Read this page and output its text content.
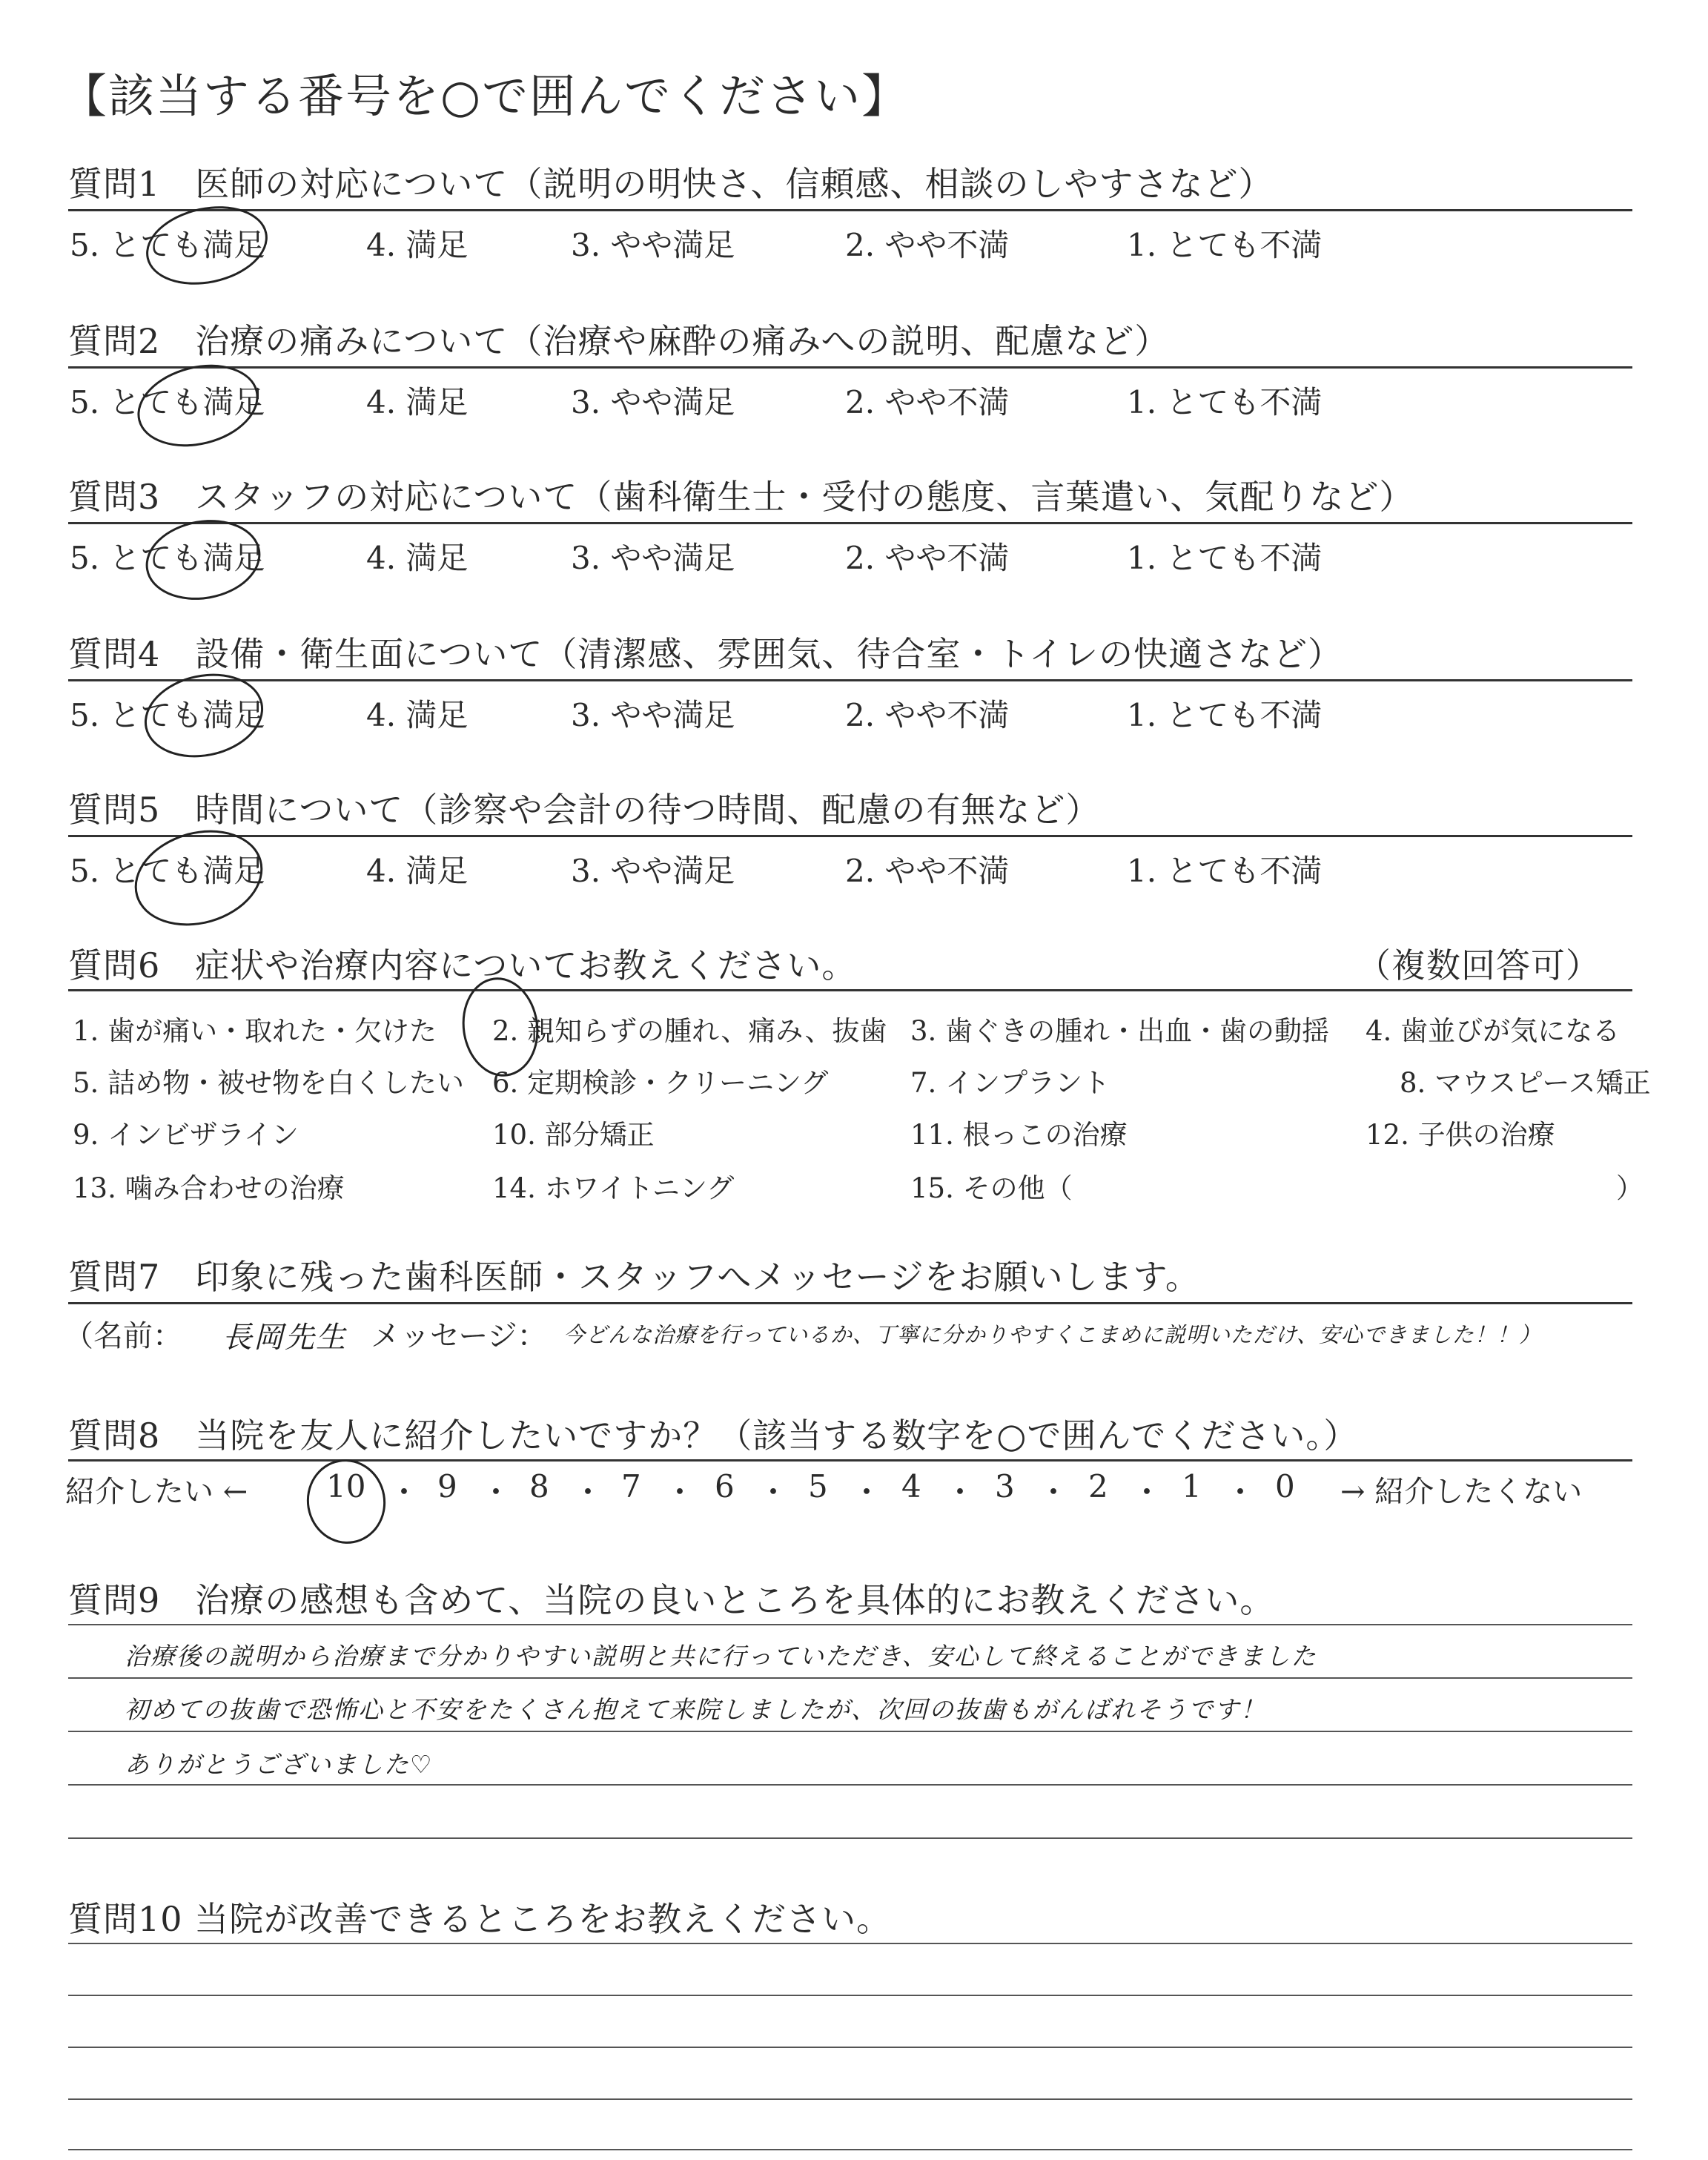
【該当する番号を○で囲んでください】
質問1　医師の対応について（説明の明快さ、信頼感、相談のしやすさなど）
5. とても満足	4. 満足	3. やや満足	2. やや不満	1. とても不満
質問2　治療の痛みについて（治療や麻酔の痛みへの説明、配慮など）
5. とても満足	4. 満足	3. やや満足	2. やや不満	1. とても不満
質問3　スタッフの対応について（歯科衛生士・受付の態度、言葉遣い、気配りなど）
5. とても満足	4. 満足	3. やや満足	2. やや不満	1. とても不満
質問4　設備・衛生面について（清潔感、雰囲気、待合室・トイレの快適さなど）
5. とても満足	4. 満足	3. やや満足	2. やや不満	1. とても不満
質問5　時間について（診察や会計の待つ時間、配慮の有無など）
5. とても満足	4. 満足	3. やや満足	2. やや不満	1. とても不満
質問6　症状や治療内容についてお教えください。	（複数回答可）
1. 歯が痛い・取れた・欠けた 2. 親知らずの腫れ、痛み、抜歯 3. 歯ぐきの腫れ・出血・歯の動揺 4. 歯並びが気になる
5. 詰め物・被せ物を白くしたい 6. 定期検診・クリーニング	7. インプラント	8. マウスピース矯正
9. インビザライン	10. 部分矯正	11. 根っこの治療	12. 子供の治療
13. 噛み合わせの治療	14. ホワイトニング	15. その他（	）
質問7　印象に残った歯科医師・スタッフへメッセージをお願いします。
（名前： 長岡先生 メッセージ： 今どんな治療を行っているか、丁寧に分かりやすくこまめに説明いただけ、安心できました！！）
質問8　当院を友人に紹介したいですか？（該当する数字を○で囲んでください。）
紹介したい ←	10 ・ 9 ・ 8 ・ 7 ・ 6 ・ 5 ・ 4 ・ 3 ・ 2 ・ 1 ・ 0 → 紹介したくない
質問9　治療の感想も含めて、当院の良いところを具体的にお教えください。
治療後の説明から治療まで分かりやすい説明と共に行っていただき、安心して終えることができました
初めての抜歯で恐怖心と不安をたくさん抱えて来院しましたが、次回の抜歯もがんばれそうです！
ありがとうございました♡
質問10 当院が改善できるところをお教えください。
